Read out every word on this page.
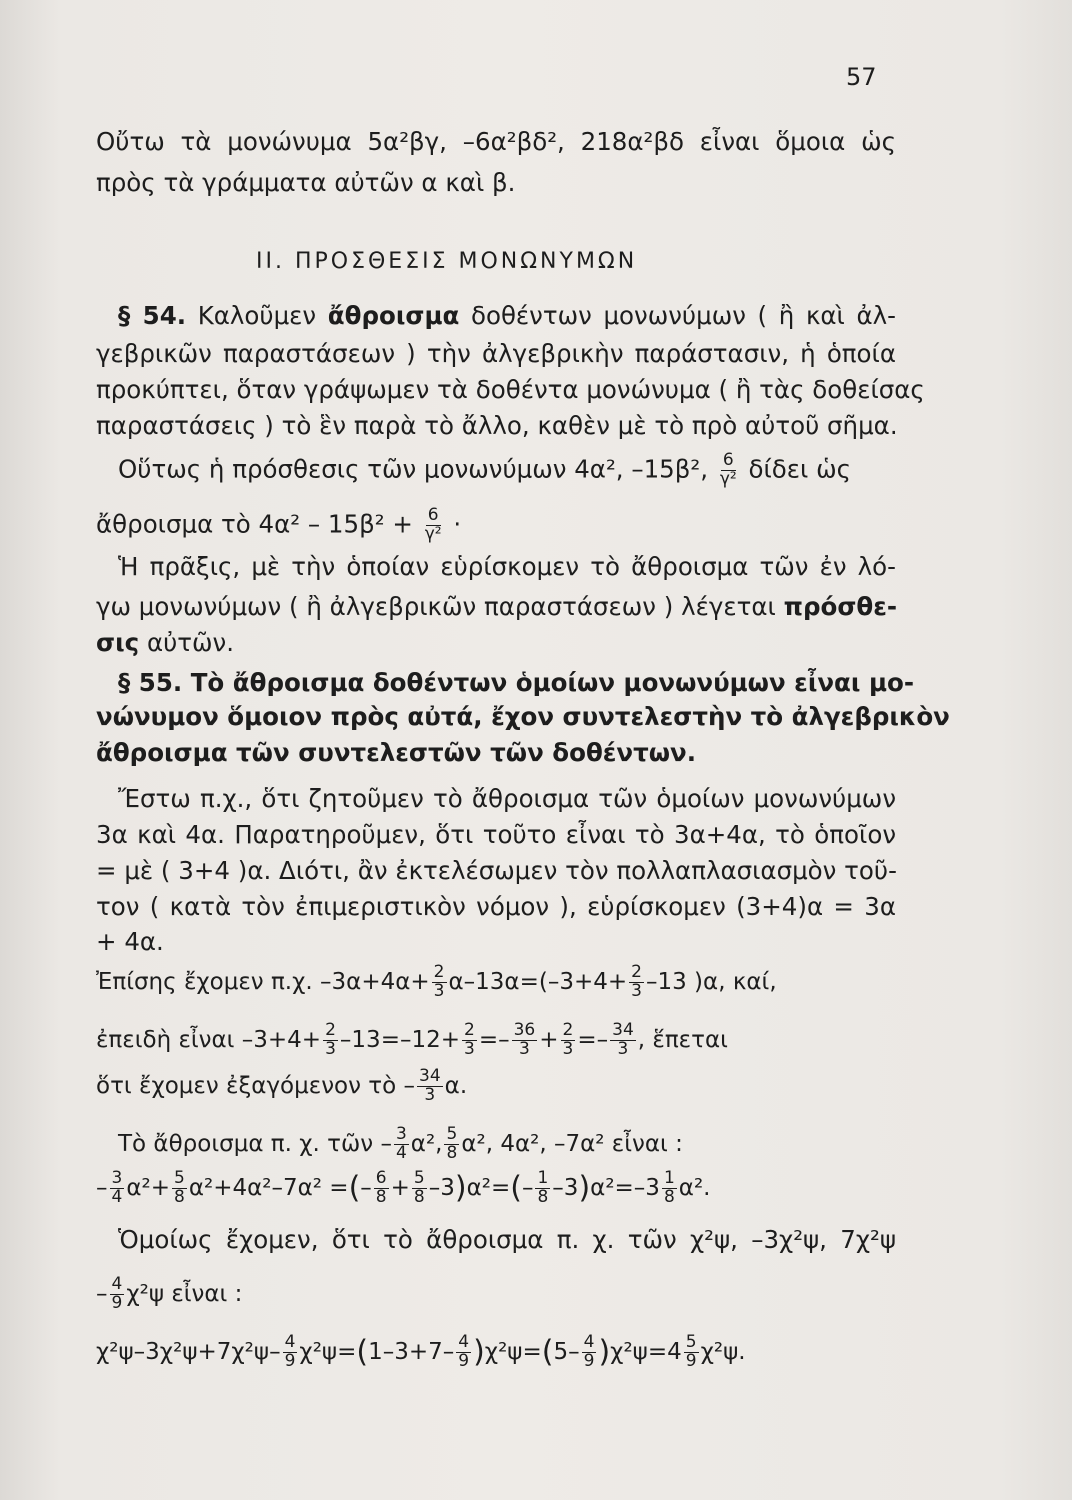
57
Οὔτω τὰ μονώνυμα 5α²βγ, –6α²βδ², 218α²βδ εἶναι ὅμοια ὡς
πρὸς τὰ γράμματα αὐτῶν α καὶ β.
ΙΙ. ΠΡΟΣΘΕΣΙΣ ΜΟΝΩΝΥΜΩΝ
§ 54. Καλοῦμεν ἄθροισμα δοθέντων μονωνύμων ( ἢ καὶ ἀλ-
γεβρικῶν παραστάσεων ) τὴν ἀλγεβρικὴν παράστασιν, ἡ ὁποία
προκύπτει, ὅταν γράψωμεν τὰ δοθέντα μονώνυμα ( ἢ τὰς δοθείσας
παραστάσεις ) τὸ ἓν παρὰ τὸ ἄλλο, καθὲν μὲ τὸ πρὸ αὐτοῦ σῆμα.
Οὕτως ἡ πρόσθεσις τῶν μονωνύμων 4α², –15β², $\frac{6}{\text{γ²}}$ δίδει ὡς
ἄθροισμα τὸ $4\alpha^2 - 15\beta^2 + \frac{6}{\text{γ²}}$ ·
Ἡ πρᾶξις, μὲ τὴν ὁποίαν εὑρίσκομεν τὸ ἄθροισμα τῶν ἐν λό-
γω μονωνύμων ( ἢ ἀλγεβρικῶν παραστάσεων ) λέγεται πρόσθε-
σις αὐτῶν.
§ 55. Τὸ ἄθροισμα δοθέντων ὁμοίων μονωνύμων εἶναι μο-
νώνυμον ὅμοιον πρὸς αὐτά, ἔχον συντελεστὴν τὸ ἀλγεβρικὸν
ἄθροισμα τῶν συντελεστῶν τῶν δοθέντων.
Ἔστω π.χ., ὅτι ζητοῦμεν τὸ ἄθροισμα τῶν ὁμοίων μονωνύμων
3α καὶ 4α. Παρατηροῦμεν, ὅτι τοῦτο εἶναι τὸ 3α+4α, τὸ ὁποῖον
= μὲ ( 3+4 )α. Διότι, ἂν ἐκτελέσωμεν τὸν πολλαπλασιασμὸν τοῦ-
τον ( κατὰ τὸν ἐπιμεριστικὸν νόμον ), εὑρίσκομεν (3+4)α = 3α
+ 4α.
Ἐπίσης ἔχομεν π.χ. $-3\alpha+4\alpha+ \frac{2}{3} \alpha-13\alpha=(-3+4+ \frac{2}{3} -13$ )α, καί,
ἐπειδὴ εἶναι $-3+4+ \frac{2}{3} -13=-12+ \frac{2}{3} =- \frac{36}{3} + \frac{2}{3} =- \frac{34}{3}$ , ἕπεται
ὅτι ἔχομεν ἐξαγόμενον τὸ – $\frac{34}{3} \alpha$.
Τὸ ἄθροισμα π. χ. τῶν – $\frac{3}{4} \alpha^2$, $\frac{5}{8} \alpha^2$, 4α², –7α² εἶναι :
– $\frac{3}{4} \alpha^2+ \frac{5}{8} \alpha^2+4\alpha^2-7\alpha^2$ =(– $\frac{6}{8} + \frac{5}{8} -3)\alpha^2=(- \frac{1}{8} -3)\alpha^2=-3 \frac{1}{8} \alpha^2$.
Ὁμοίως ἔχομεν, ὅτι τὸ ἄθροισμα π. χ. τῶν χ²ψ, –3χ²ψ, 7χ²ψ
– $\frac{4}{9} \chi^2\psi$ εἶναι :
$\chi^2\psi-3\chi^2\psi+7\chi^2\psi- \frac{4}{9} \chi^2\psi=(1-3+7- \frac{4}{9} )\chi^2\psi=(5- \frac{4}{9} )\chi^2\psi=4 \frac{5}{9} \chi^2\psi$.
